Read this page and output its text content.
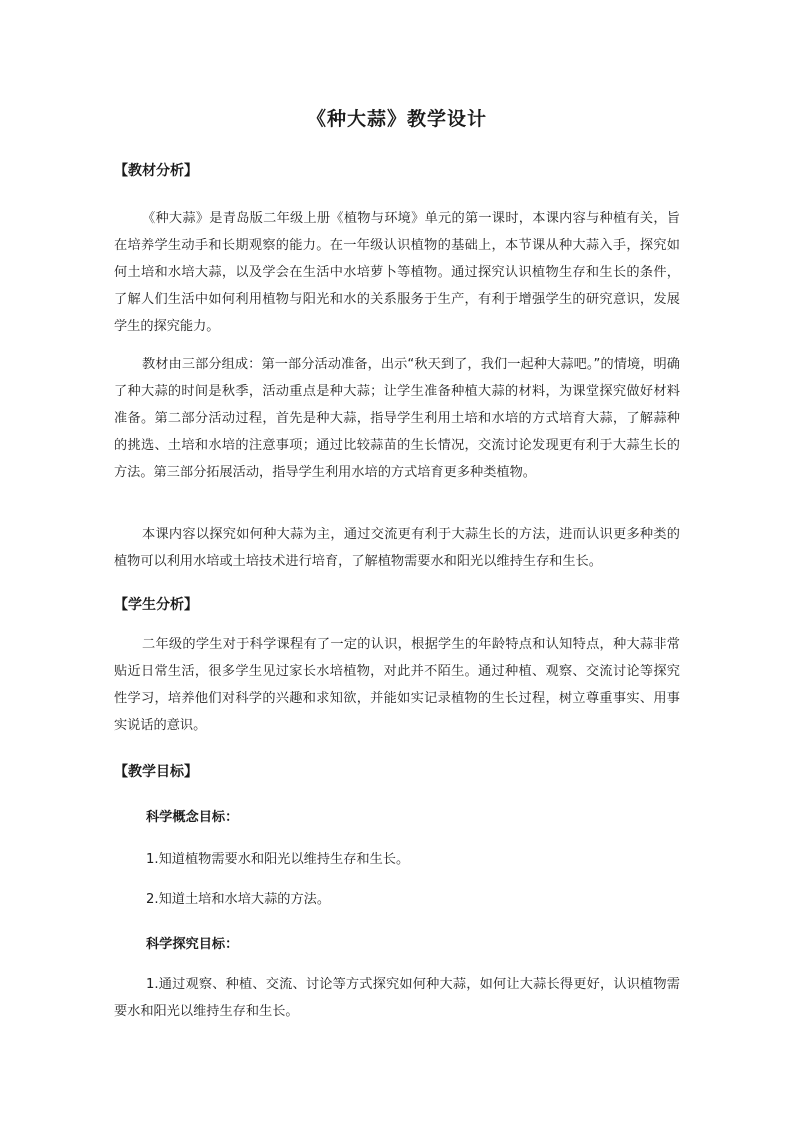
《种大蒜》教学设计
【教材分析】
《种大蒜》是青岛版二年级上册《植物与环境》单元的第一课时，本课内容与种植有关，旨在培养学生动手和长期观察的能力。在一年级认识植物的基础上，本节课从种大蒜入手，探究如何土培和水培大蒜，以及学会在生活中水培萝卜等植物。通过探究认识植物生存和生长的条件，了解人们生活中如何利用植物与阳光和水的关系服务于生产，有利于增强学生的研究意识，发展学生的探究能力。
教材由三部分组成：第一部分活动准备，出示“秋天到了，我们一起种大蒜吧。”的情境，明确了种大蒜的时间是秋季，活动重点是种大蒜；让学生准备种植大蒜的材料，为课堂探究做好材料准备。第二部分活动过程，首先是种大蒜，指导学生利用土培和水培的方式培育大蒜，了解蒜种的挑选、土培和水培的注意事项；通过比较蒜苗的生长情况，交流讨论发现更有利于大蒜生长的方法。第三部分拓展活动，指导学生利用水培的方式培育更多种类植物。
本课内容以探究如何种大蒜为主，通过交流更有利于大蒜生长的方法，进而认识更多种类的植物可以利用水培或土培技术进行培育，了解植物需要水和阳光以维持生存和生长。
【学生分析】
二年级的学生对于科学课程有了一定的认识，根据学生的年龄特点和认知特点，种大蒜非常贴近日常生活，很多学生见过家长水培植物，对此并不陌生。通过种植、观察、交流讨论等探究性学习，培养他们对科学的兴趣和求知欲，并能如实记录植物的生长过程，树立尊重事实、用事实说话的意识。
【教学目标】
科学概念目标：
1.知道植物需要水和阳光以维持生存和生长。
2.知道土培和水培大蒜的方法。
科学探究目标：
1.通过观察、种植、交流、讨论等方式探究如何种大蒜，如何让大蒜长得更好，认识植物需要水和阳光以维持生存和生长。
